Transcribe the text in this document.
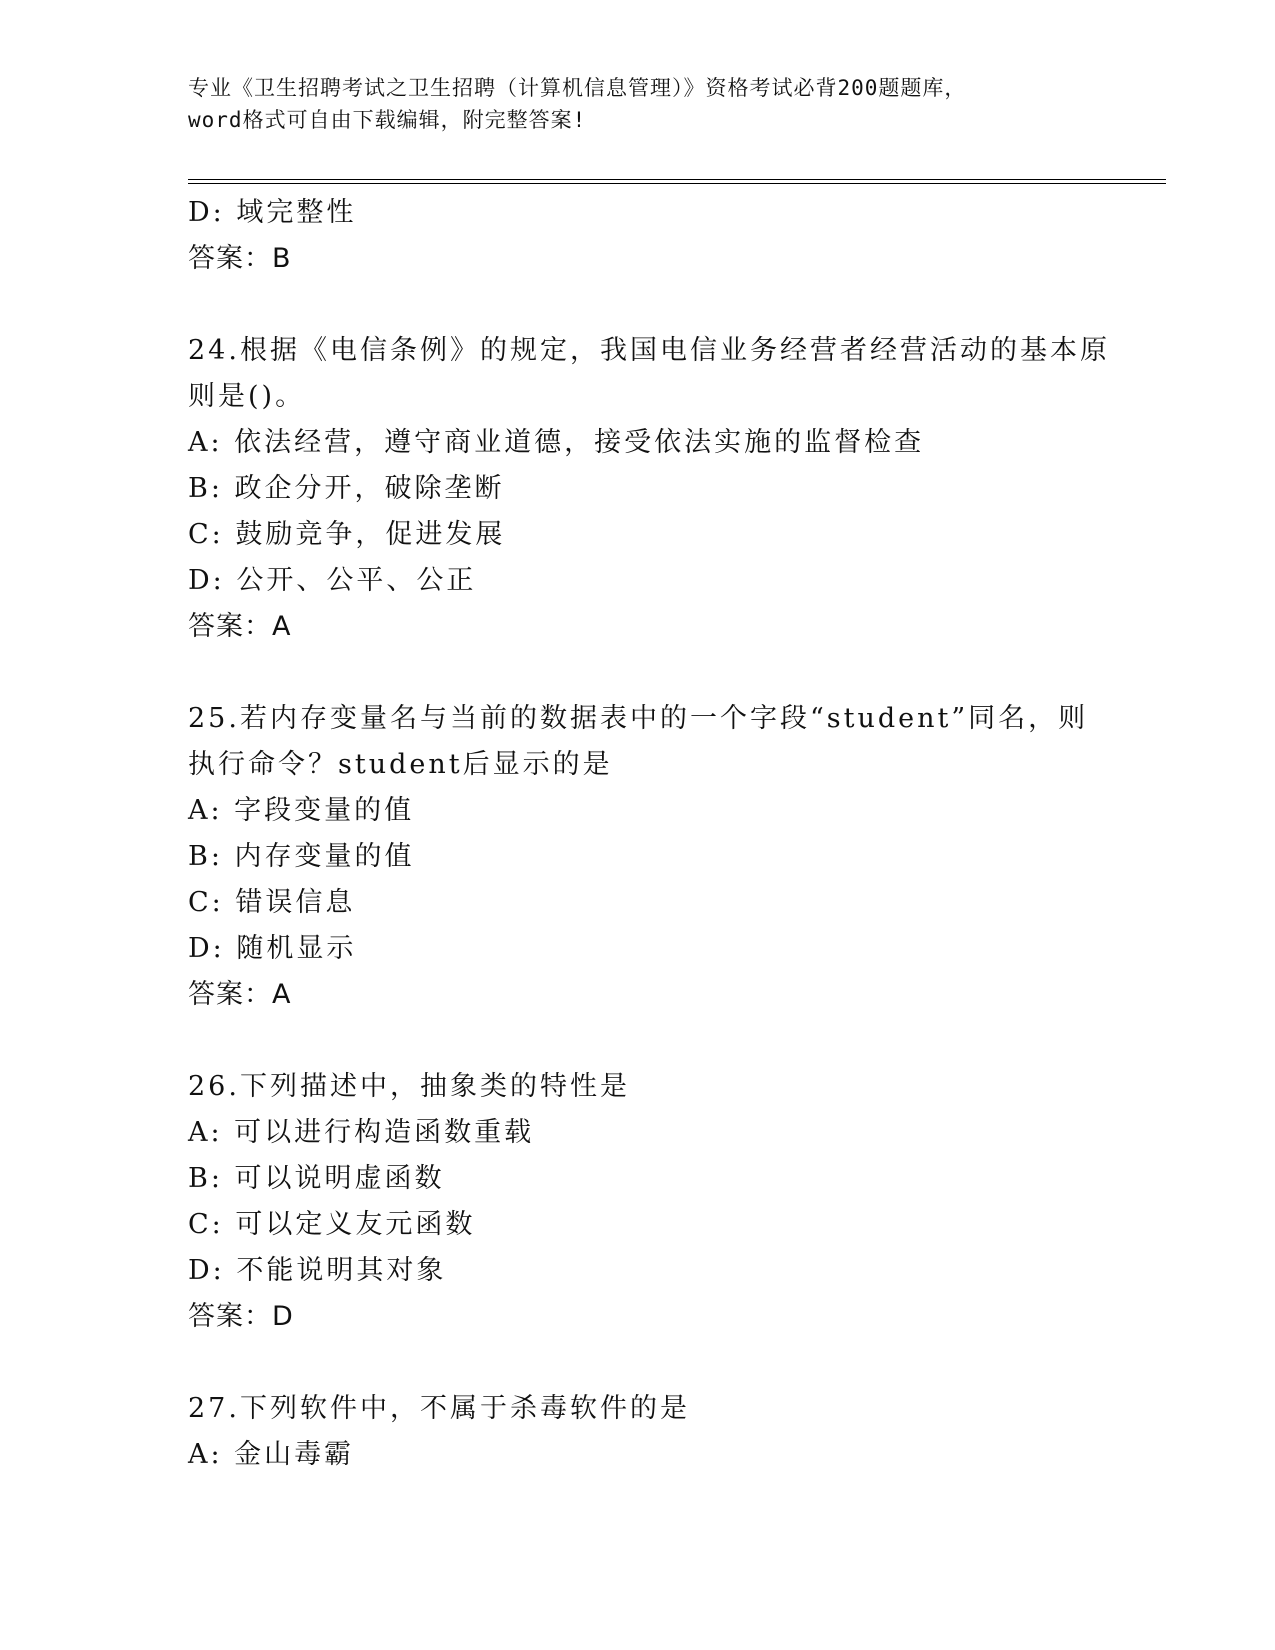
专业《卫生招聘考试之卫生招聘（计算机信息管理）》资格考试必背200题题库，
word格式可自由下载编辑，附完整答案!
D: 域完整性
答案：B
24.根据《电信条例》的规定，我国电信业务经营者经营活动的基本原
则是()。
A: 依法经营，遵守商业道德，接受依法实施的监督检查
B: 政企分开，破除垄断
C: 鼓励竞争，促进发展
D: 公开、公平、公正
答案：A
25.若内存变量名与当前的数据表中的一个字段“student”同名，则
执行命令？student后显示的是
A: 字段变量的值
B: 内存变量的值
C: 错误信息
D: 随机显示
答案：A
26.下列描述中，抽象类的特性是
A: 可以进行构造函数重载
B: 可以说明虚函数
C: 可以定义友元函数
D: 不能说明其对象
答案：D
27.下列软件中，不属于杀毒软件的是
A: 金山毒霸
